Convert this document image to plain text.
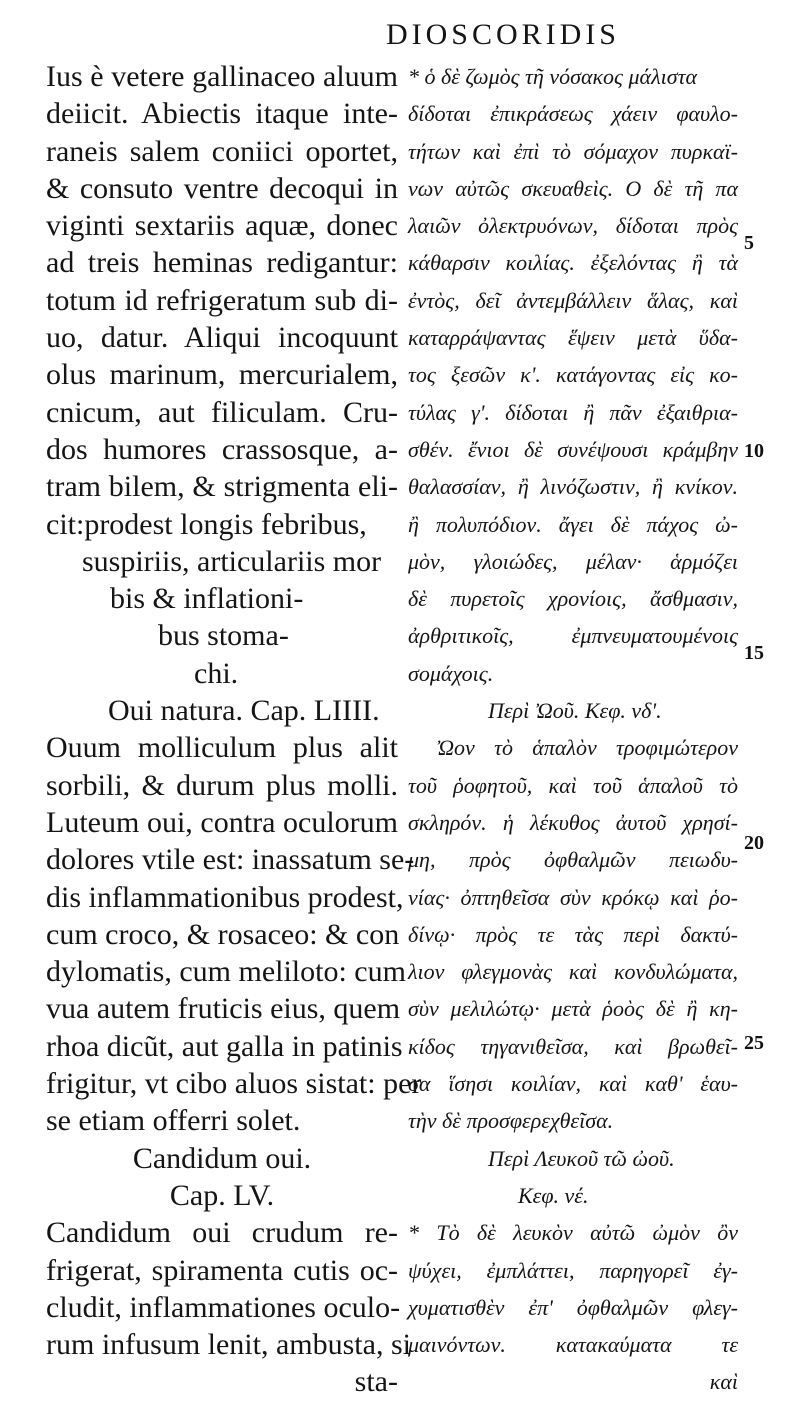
DIOSCORIDIS
Ius è vetere gallinaceo aluum
deiicit. Abiectis itaque inte-
raneis salem coniici oportet,
& consuto ventre decoqui in
viginti sextariis aquæ, donec
ad treis heminas redigantur:
totum id refrigeratum sub di-
uo, datur. Aliqui incoquunt
olus marinum, mercurialem,
cnicum, aut filiculam. Cru-
dos humores crassosque, a-
tram bilem, & strigmenta eli-
cit:prodest longis febribus,
suspiriis, articulariis mor
bis & inflationi-
bus stoma-
chi.
Oui natura. Cap. LIIII.
Ouum molliculum plus alit
sorbili, & durum plus molli.
Luteum oui, contra oculorum
dolores vtile est: inassatum se-
dis inflammationibus prodest,
cum croco, & rosaceo: & con
dylomatis, cum meliloto: cum
vua autem fruticis eius, quem
rhoa dicũt, aut galla in patinis
frigitur, vt cibo aluos sistat: per
se etiam offerri solet.
Candidum oui.
Cap. LV.
Candidum oui crudum re-
frigerat, spiramenta cutis oc-
cludit, inflammationes oculo-
rum infusum lenit, ambusta, si
sta-
* ὁ δὲ ζωμὸς τῆ νόσακος μάλιστα
δίδοται ἐπικράσεως χάειν φαυλο-
τήτων καὶ ἐπὶ τὸ σόμαχον πυρκαϊ-
νων αὐτῶς σκευαθεὶς. Ο δὲ τῆ πα
λαιῶν ὀλεκτρυόνων, δίδοται πρὸς
κάθαρσιν κοιλίας. ἐξελόντας ἢ τὰ
ἐντὸς, δεῖ ἀντεμβάλλειν ἅλας, καὶ
καταρράψαντας ἕψειν μετὰ ὕδα-
τος ξεσῶν κ'. κατάγοντας εἰς κο-
τύλας γ'. δίδοται ἢ πᾶν ἐξαιθρια-
σθέν. ἔνιοι δὲ συνέψουσι κράμβην
θαλασσίαν, ἢ λινόζωστιν, ἢ κνίκον.
ἢ πολυπόδιον. ἄγει δὲ πάχος ὠ-
μὸν, γλοιώδες, μέλαν· ἁρμόζει
δὲ πυρετοῖς χρονίοις, ἄσθμασιν,
ἀρθριτικοῖς, ἐμπνευματουμένοις
σομάχοις.
Περὶ Ὠοῦ. Κεφ. νδ'.
Ὠον τὸ ἁπαλὸν τροφιμώτερον
τοῦ ῥοφητοῦ, καὶ τοῦ ἁπαλοῦ τὸ
σκληρόν. ἡ λέκυθος ἀυτοῦ χρησί-
μη, πρὸς ὀφθαλμῶν πειωδυ-
νίας· ὀπτηθεῖσα σὺν κρόκῳ καὶ ῥο-
δίνῳ· πρὸς τε τὰς περὶ δακτύ-
λιον φλεγμονὰς καὶ κονδυλώματα,
σὺν μελιλώτῳ· μετὰ ῥοὸς δὲ ἢ κη-
κίδος τηγανιθεῖσα, καὶ βρωθεῖ-
σα ἵσησι κοιλίαν, καὶ καθ' ἑαυ-
τὴν δὲ προσφερεχθεῖσα.
Περὶ Λευκοῦ τῶ ὠοῦ.
Κεφ. νέ.
* Τὸ δὲ λευκὸν αὐτῶ ὠμὸν ὂν
ψύχει, ἐμπλάττει, παρηγορεῖ ἐγ-
χυματισθὲν ἐπ' ὀφθαλμῶν φλεγ-
μαινόντων. κατακαύματα τε
καὶ
5
10
15
20
25
